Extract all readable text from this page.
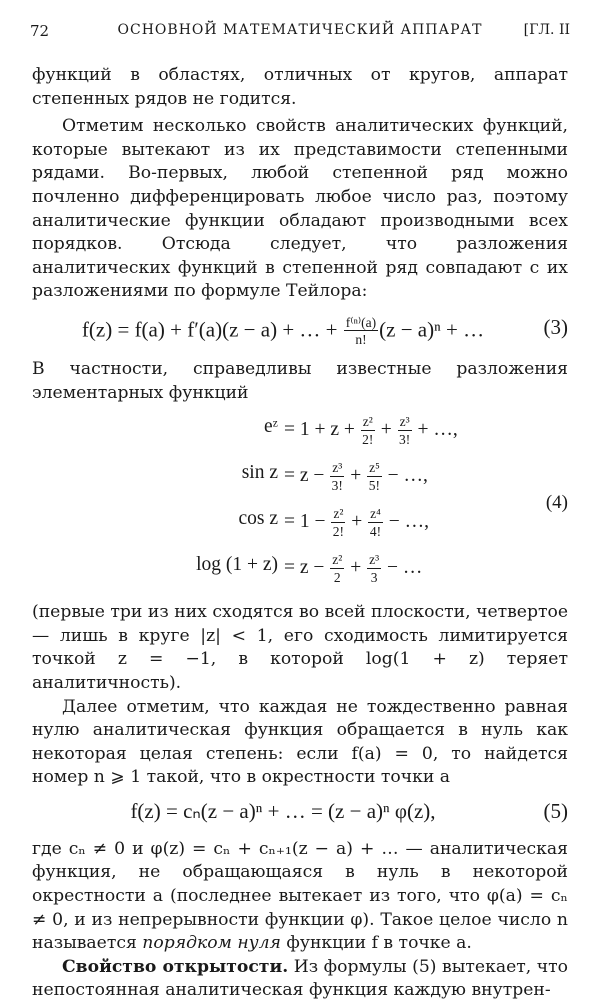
72	ОСНОВНОЙ МАТЕМАТИЧЕСКИЙ АППАРАТ	[ГЛ. II

функций в областях, отличных от кругов, аппарат степенных рядов не годится.

Отметим несколько свойств аналитических функций, которые вытекают из их представимости степенными рядами. Во-первых, любой степенной ряд можно почленно дифференцировать любое число раз, поэтому аналитические функции обладают производными всех порядков. Отсюда следует, что разложения аналитических функций в степенной ряд совпадают с их разложениями по формуле Тейлора:

f(z) = f(a) + f′(a)(z − a) + … + $\frac{\text{f⁽ⁿ⁾(a)}}{n!} (z - a)^n$ + …	(3)

В частности, справедливы известные разложения элементарных функций

eᶻ = $1 + z + \frac{\text{z²}}{2!} + \frac{\text{z³}}{3!}$ + …,
$\sin z = z - \frac{\text{z³}}{3!} + \frac{\text{z⁵}}{5!}$ − …,
$\cos z = 1 - \frac{\text{z²}}{2!} + \frac{\text{z⁴}}{4!}$ − …,
$\log (1 + z) = z - \frac{\text{z²}}{2} + \frac{\text{z³}}{3}$ − …
(4)

(первые три из них сходятся во всей плоскости, четвертое — лишь в круге |z| < 1, его сходимость лимитируется точкой z = −1, в которой log(1 + z) теряет аналитичность).

Далее отметим, что каждая не тождественно равная нулю аналитическая функция обращается в нуль как некоторая целая степень: если f(a) = 0, то найдется номер n ⩾ 1 такой, что в окрестности точки a

f(z) = cₙ(z − a)ⁿ + … = (z − a)ⁿ φ(z),	(5)

где cₙ ≠ 0 и φ(z) = cₙ + cₙ₊₁(z − a) + … — аналитическая функция, не обращающаяся в нуль в некоторой окрестности a (последнее вытекает из того, что φ(a) = cₙ ≠ 0, и из непрерывности функции φ). Такое целое число n называется порядком нуля функции f в точке a.

Свойство открытости. Из формулы (5) вытекает, что непостоянная аналитическая функция каждую внутрен-
